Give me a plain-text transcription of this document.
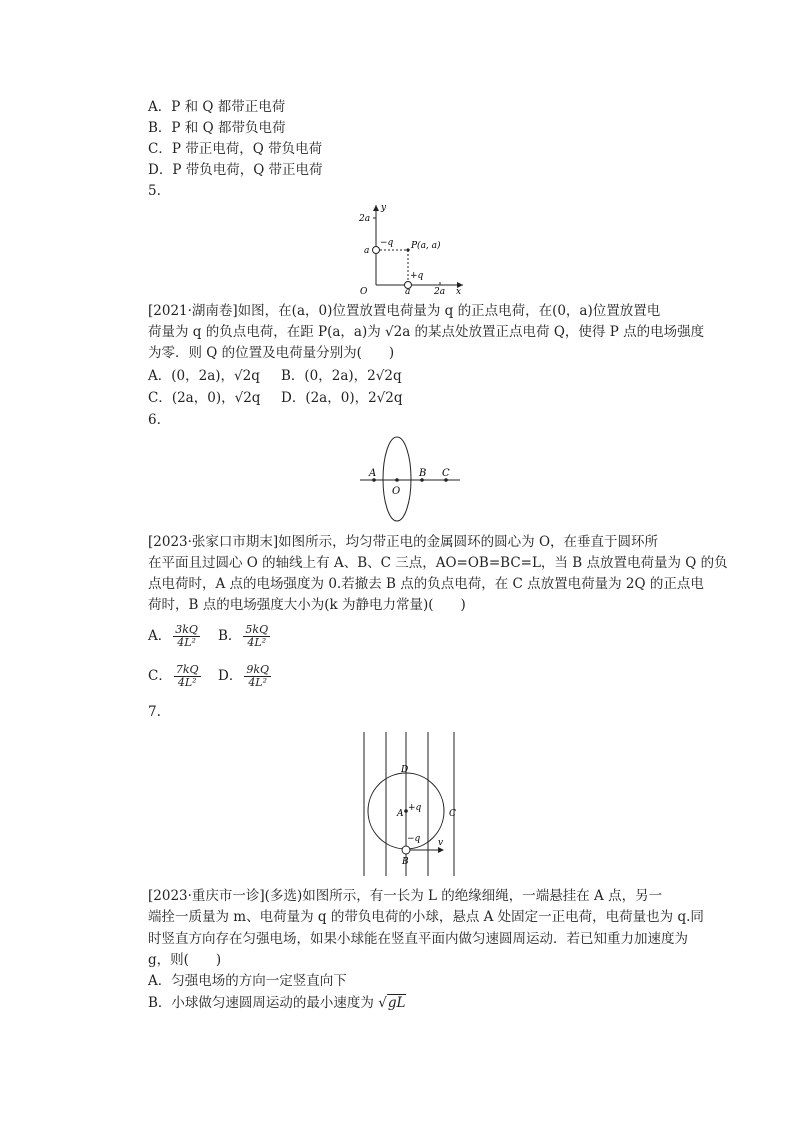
A．P 和 Q 都带正电荷
B．P 和 Q 都带负电荷
C．P 带正电荷，Q 带负电荷
D．P 带负电荷，Q 带正电荷
5.
y
x
O
2a
a
a	2a
−q
+q
P(a, a)
[2021·湖南卷]如图，在(a，0)位置放置电荷量为 q 的正点电荷，在(0，a)位置放置电
荷量为 q 的负点电荷，在距 P(a，a)为 √2a 的某点处放置正点电荷 Q，使得 P 点的电场强度
为零．则 Q 的位置及电荷量分别为(　　)
A．(0，2a)，√2q B．(0，2a)，2√2q
C．(2a，0)，√2q D．(2a，0)，2√2q
6.
A
O
B C
[2023·张家口市期末]如图所示，均匀带正电的金属圆环的圆心为 O，在垂直于圆环所
在平面且过圆心 O 的轴线上有 A、B、C 三点，AO=OB=BC=L，当 B 点放置电荷量为 Q 的负
点电荷时，A 点的电场强度为 0.若撤去 B 点的负点电荷，在 C 点放置电荷量为 2Q 的正点电
荷时，B 点的电场强度大小为(k 为静电力常量)(　　)
A． $\frac{3kQ}{\text{4L²}}$ B． $\frac{5kQ}{\text{4L²}}$
C． $\frac{7kQ}{\text{4L²}}$ D． $\frac{9kQ}{\text{4L²}}$
7.
D
A
+q
C
−q
B
v
[2023·重庆市一诊](多选)如图所示，有一长为 L 的绝缘细绳，一端悬挂在 A 点，另一
端拴一质量为 m、电荷量为 q 的带负电荷的小球，悬点 A 处固定一正电荷，电荷量也为 q.同
时竖直方向存在匀强电场，如果小球能在竖直平面内做匀速圆周运动．若已知重力加速度为
g，则(　　)
A．匀强电场的方向一定竖直向下
B．小球做匀速圆周运动的最小速度为 √gL
